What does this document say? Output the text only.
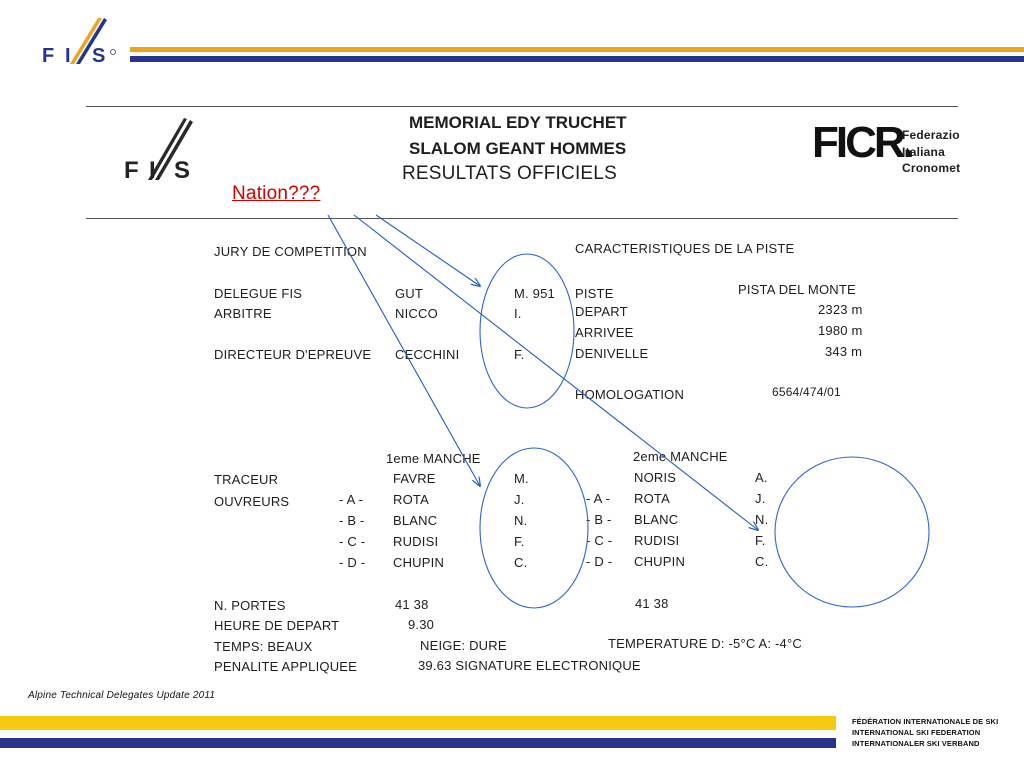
F I S
F I S
MEMORIAL EDY TRUCHET
SLALOM GEANT HOMMES
RESULTATS OFFICIELS
FICR.
Federazio
Italiana
Cronomet
Nation???
JURY DE COMPETITION
DELEGUE FIS	GUT	M. 951
ARBITRE	NICCO	I.
DIRECTEUR D'EPREUVE CECCHINI	F.
CARACTERISTIQUES DE LA PISTE
PISTE	PISTA DEL MONTE
DEPART	2323 m
ARRIVEE	1980 m
DENIVELLE	343 m
HOMOLOGATION	6564/474/01
1eme MANCHE
TRACEUR	FAVRE	M.
OUVREURS	- A - ROTA	J.
- B - BLANC	N.
- C - RUDISI	F.
- D - CHUPIN	C.
2eme MANCHE
NORIS	A.
- A - ROTA	J.
- B - BLANC	N.
- C - RUDISI	F.
- D - CHUPIN	C.
N. PORTES	41 38	41 38
HEURE DE DEPART	9.30
TEMPS: BEAUX	NEIGE: DURE	TEMPERATURE D: -5°C A: -4°C
PENALITE APPLIQUEE	39.63 SIGNATURE ELECTRONIQUE
Alpine Technical Delegates Update 2011
FÉDÉRATION INTERNATIONALE DE SKI
INTERNATIONAL SKI FEDERATION
INTERNATIONALER SKI VERBAND
